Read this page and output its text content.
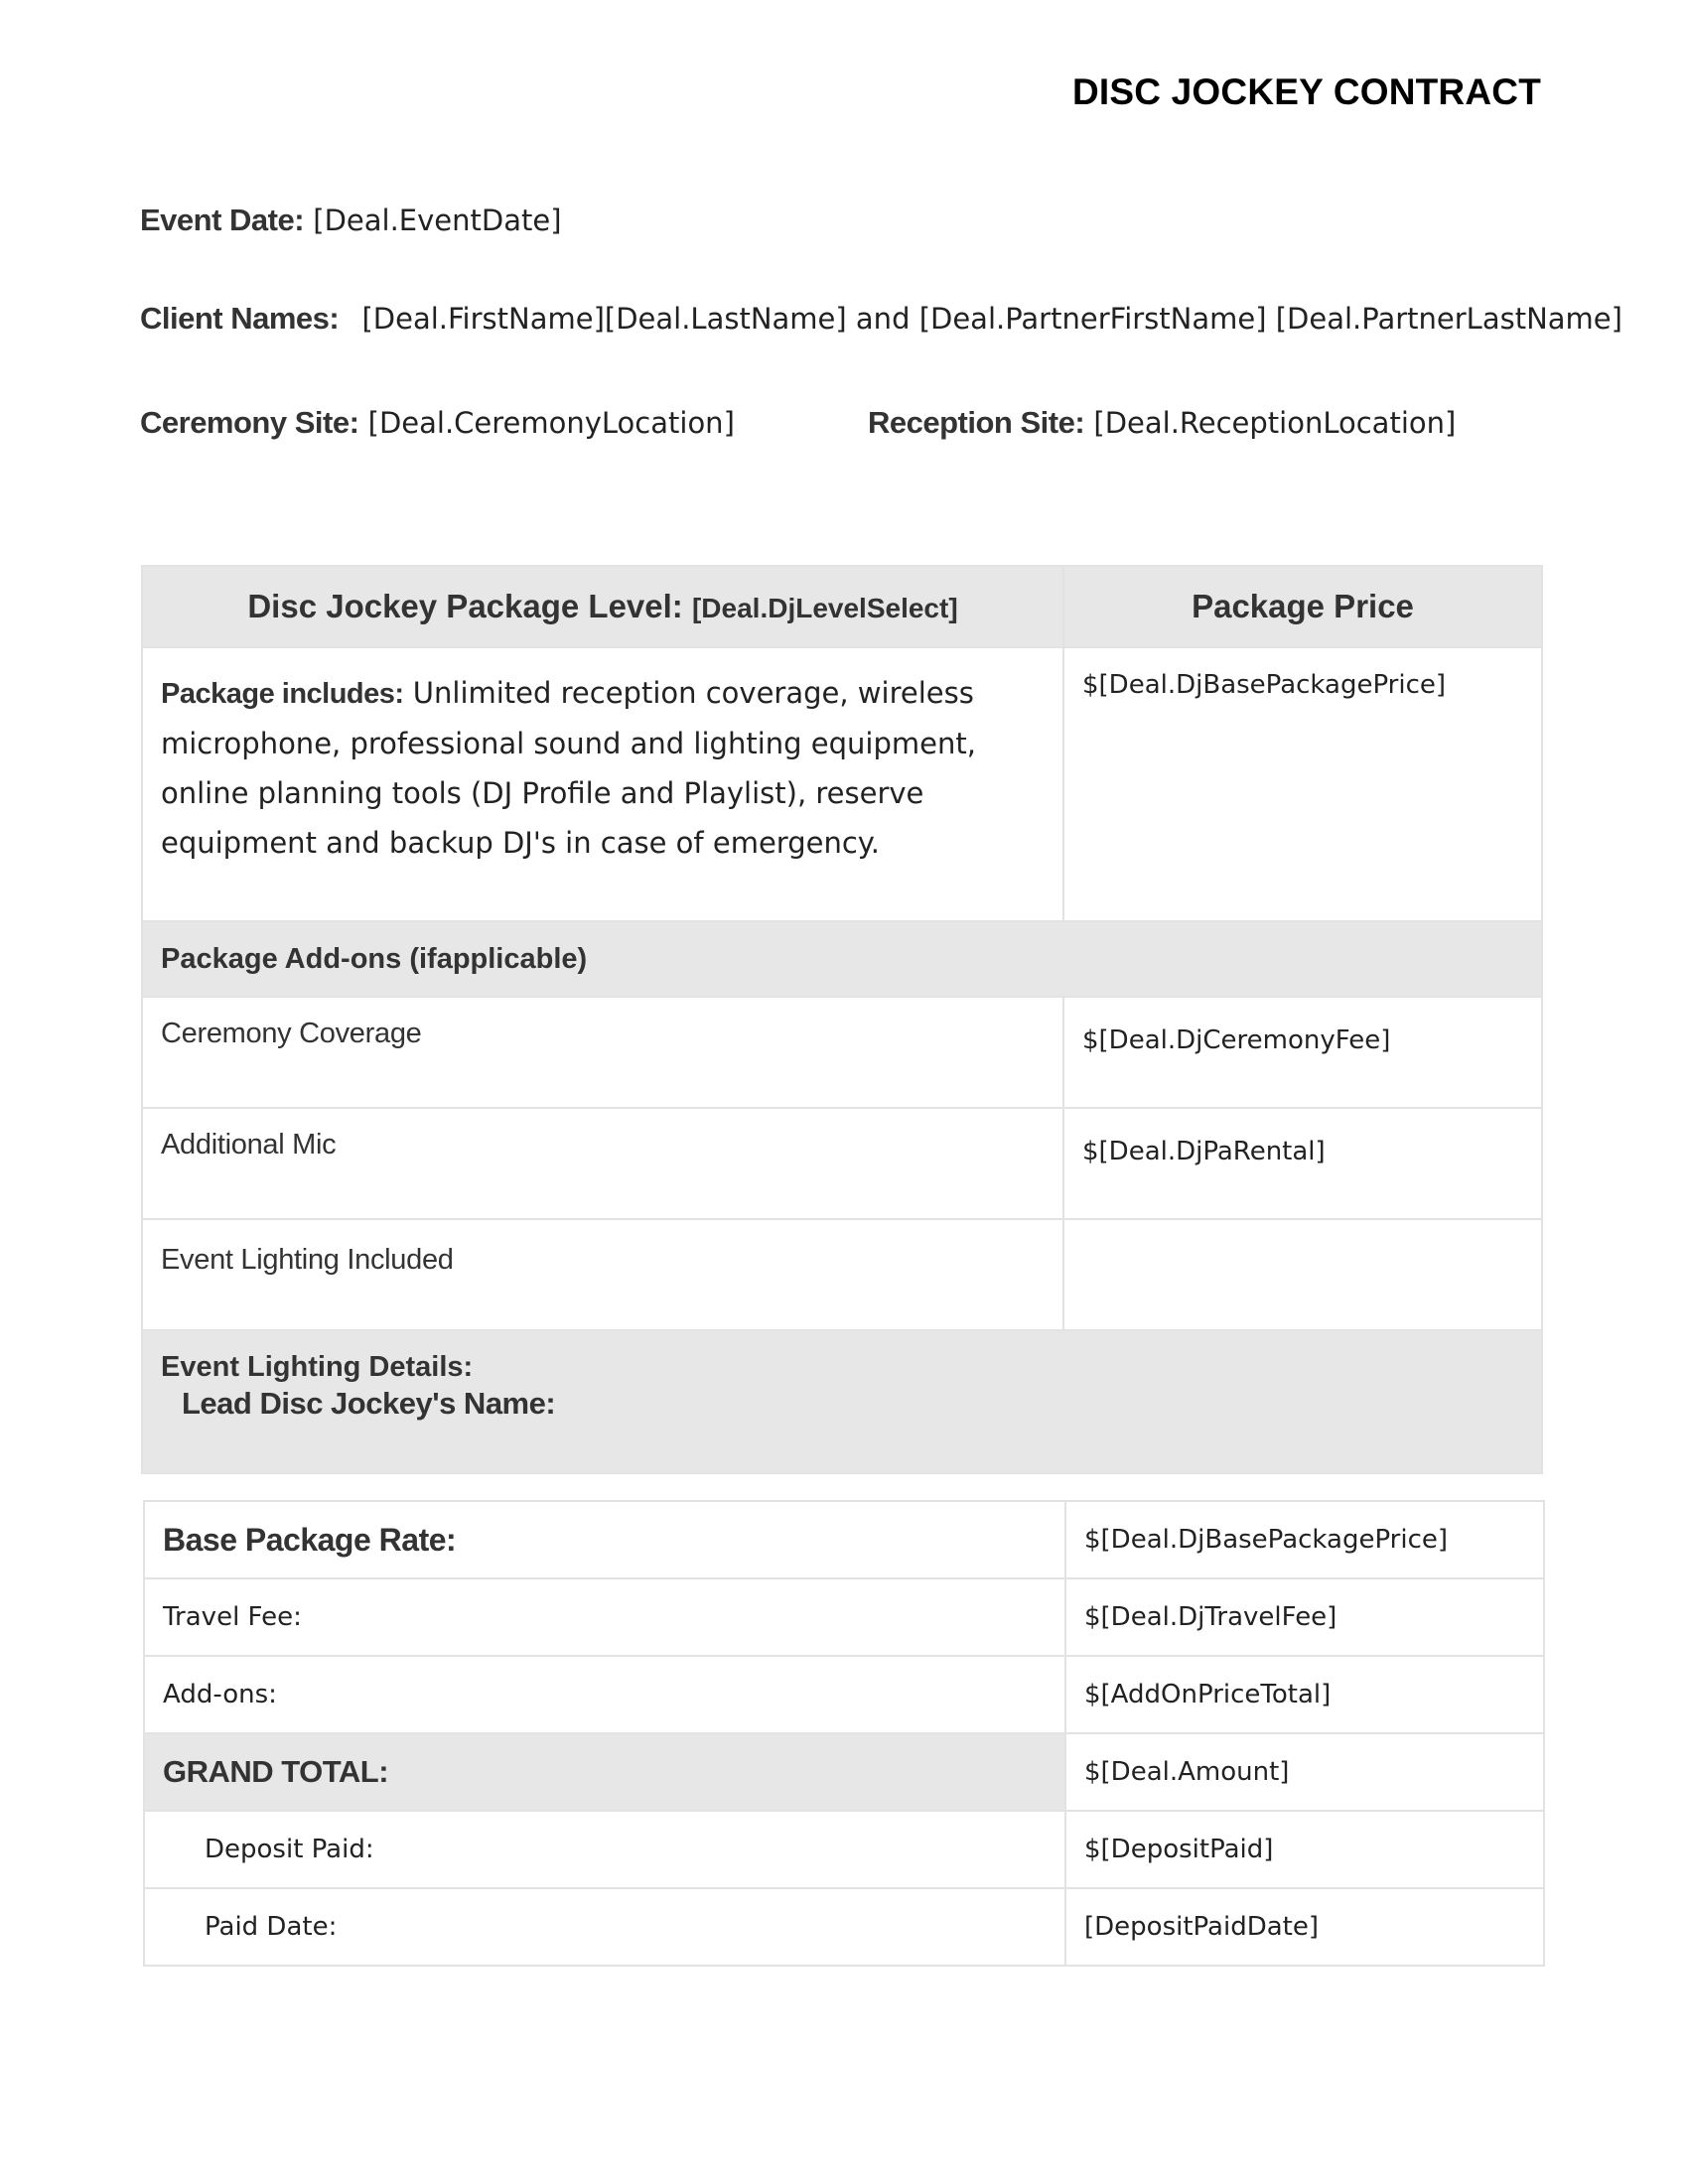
DISC JOCKEY CONTRACT
Event Date: [Deal.EventDate]
Client Names: [Deal.FirstName][Deal.LastName] and [Deal.PartnerFirstName] [Deal.PartnerLastName]
Ceremony Site: [Deal.CeremonyLocation]	Reception Site: [Deal.ReceptionLocation]
Disc Jockey Package Level: [Deal.DjLevelSelect]	Package Price
Package includes: Unlimited reception coverage, wireless microphone, professional sound and lighting equipment, online planning tools (DJ Profile and Playlist), reserve equipment and backup DJ's in case of emergency.	$[Deal.DjBasePackagePrice]
Package Add-ons (ifapplicable)	
Ceremony Coverage	$[Deal.DjCeremonyFee]
Additional Mic	$[Deal.DjPaRental]
Event Lighting Included	
Event Lighting Details:	
Lead Disc Jockey's Name:
Base Package Rate:	$[Deal.DjBasePackagePrice]
Travel Fee:	$[Deal.DjTravelFee]
Add-ons:	$[AddOnPriceTotal]
GRAND TOTAL:	$[Deal.Amount]
Deposit Paid:	$[DepositPaid]
Paid Date:	[DepositPaidDate]
